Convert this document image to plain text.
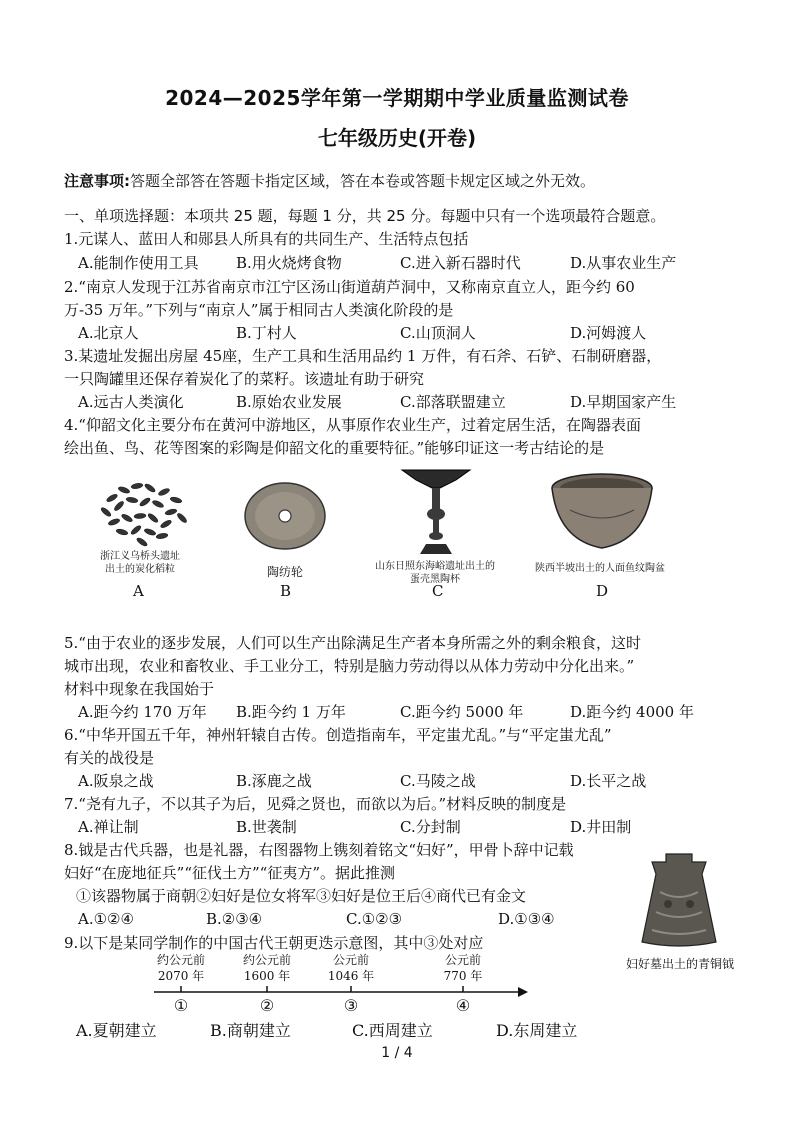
2024—2025学年第一学期期中学业质量监测试卷
七年级历史(开卷)
注意事项:答题全部答在答题卡指定区域，答在本卷或答题卡规定区域之外无效。
一、单项选择题：本项共 25 题，每题 1 分，共 25 分。每题中只有一个选项最符合题意。
1.元谋人、蓝田人和郧县人所具有的共同生产、生活特点包括
A.能制作使用工具 B.用火烧烤食物	C.进入新石器时代	D.从事农业生产
2.“南京人发现于江苏省南京市江宁区汤山街道葫芦洞中，又称南京直立人，距今约 60
万-35 万年。”下列与“南京人”属于相同古人类演化阶段的是
A.北京人	B.丁村人	C.山顶洞人	D.河姆渡人
3.某遗址发掘出房屋 45座，生产工具和生活用品约 1 万件，有石斧、石铲、石制研磨器，
一只陶罐里还保存着炭化了的菜籽。该遗址有助于研究
A.远古人类演化	B.原始农业发展	C.部落联盟建立	D.早期国家产生
4.“仰韶文化主要分布在黄河中游地区，从事原作农业生产，过着定居生活，在陶器表面
绘出鱼、鸟、花等图案的彩陶是仰韶文化的重要特征。”能够印证这一考古结论的是
浙江义乌桥头遗址
出土的炭化稻粒
A
陶纺轮
B
山东日照东海峪遗址出土的
蛋壳黑陶杯
C
陕西半坡出土的人面鱼纹陶盆
D
5.“由于农业的逐步发展，人们可以生产出除满足生产者本身所需之外的剩余粮食，这时
城市出现，农业和畜牧业、手工业分工，特别是脑力劳动得以从体力劳动中分化出来。”
材料中现象在我国始于
A.距今约 170 万年 B.距今约 1 万年	C.距今约 5000 年	D.距今约 4000 年
6.“中华开国五千年，神州轩辕自古传。创造指南车，平定蚩尤乱。”与“平定蚩尤乱”
有关的战役是
A.阪泉之战	B.涿鹿之战	C.马陵之战	D.长平之战
7.“尧有九子，不以其子为后，见舜之贤也，而欲以为后。”材料反映的制度是
A.禅让制	B.世袭制	C.分封制	D.井田制
8.钺是古代兵器，也是礼器，右图器物上镌刻着铭文“妇好”，甲骨卜辞中记载
妇好“在庞地征兵”“征伐土方”“征夷方”。据此推测
①该器物属于商朝②妇好是位女将军③妇好是位王后④商代已有金文
A.①②④	B.②③④	C.①②③	D.①③④
妇好墓出土的青铜钺
9.以下是某同学制作的中国古代王朝更迭示意图，其中③处对应
约公元前
2070 年
约公元前
1600 年
公元前
1046 年
公元前
770 年
①	②	③	④
A.夏朝建立	B.商朝建立	C.西周建立	D.东周建立
1 / 4
